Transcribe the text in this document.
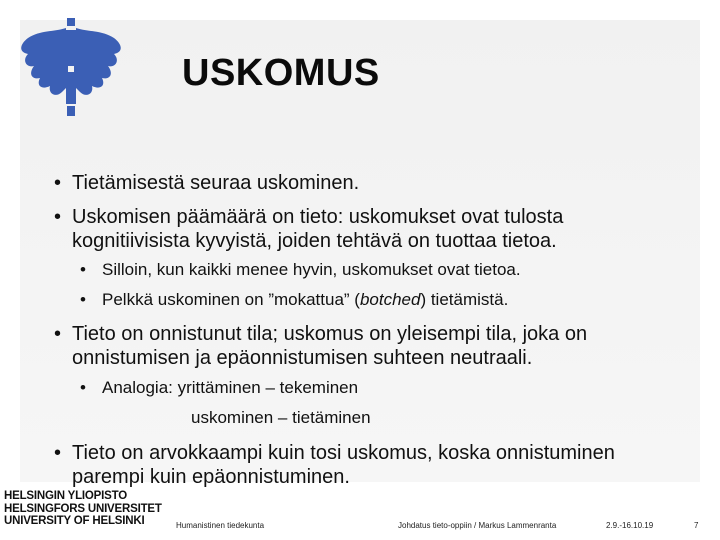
USKOMUS
• Tietämisestä seuraa uskominen.
• Uskomisen päämäärä on tieto: uskomukset ovat tulosta
kognitiivisista kyvyistä, joiden tehtävä on tuottaa tietoa.
• Silloin, kun kaikki menee hyvin, uskomukset ovat tietoa.
• Pelkkä uskominen on ”mokattua” (botched) tietämistä.
• Tieto on onnistunut tila; uskomus on yleisempi tila, joka on
onnistumisen ja epäonnistumisen suhteen neutraali.
• Analogia: yrittäminen – tekeminen
uskominen – tietäminen
• Tieto on arvokkaampi kuin tosi uskomus, koska onnistuminen
parempi kuin epäonnistuminen.
HELSINGIN YLIOPISTO
HELSINGFORS UNIVERSITET
UNIVERSITY OF HELSINKI	Humanistinen tiedekunta	Johdatus tieto-oppiin / Markus Lammenranta	2.9.-16.10.19	7
